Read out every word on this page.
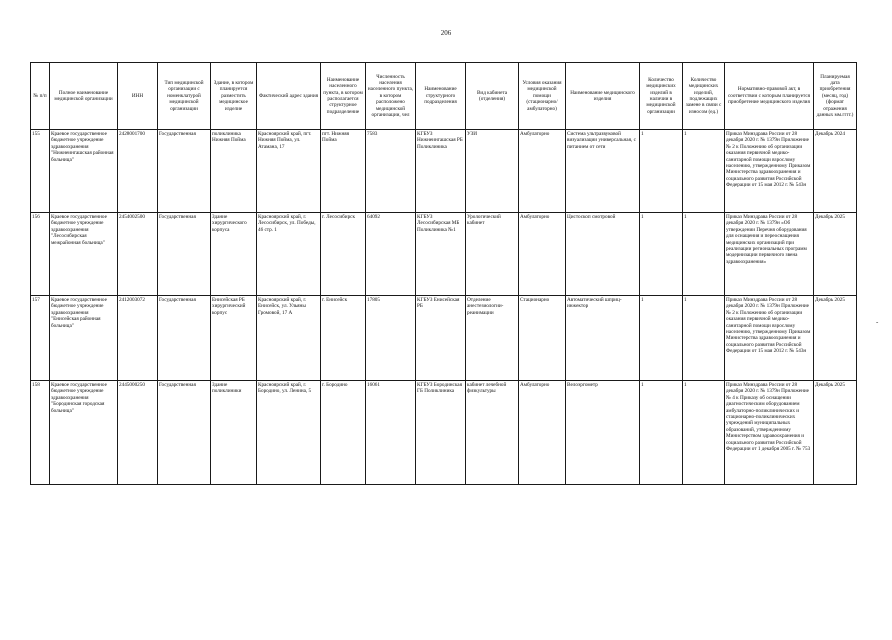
206
-
№ п/п	Полное наименование медицинской организации	ИНН	Тип медицинской организации с номенклатурой медицинской организации	Здание, в котором планируется разместить медицинское изделие	Фактический адрес здания	Наименование населенного пункта, в котором располагается структурное подразделение	Численность населения населенного пункта, в котором расположено медицинской организации, чел	Наименование структурного подразделения	Вид кабинета (отделения)	Условия оказания медицинской помощи (стационарно/амбулаторно)	Наименование медицинского изделия	Количество медицинских изделий в наличии в медицинской организации	Количество медицинских изделий, подлежащих замене в связи с износом (ед.)	Нормативно-правовой акт, в соответствии с которым планируется приобретение медицинского изделия	Планируемая дата приобретения (месяц, год) (формат отражения данных мм.гггг.)
155	Краевое государственное бюджетное учреждение здравоохранения "Нижнеингашская районная больница"	2428001700	Государственная	поликлиника Нижняя Пойма	Красноярский край, пгт. Нижняя Пойма, ул. Атамана, 17	пгт. Нижняя Пойма	7583	КГБУЗ Нижнеингашская РБ Поликлиника	УЗИ	Амбулаторно	Система ультразвуковой визуализации универсальная, с питанием от сети	1	1	Приказ Минздрава России от 28 декабря 2020 г. № 1379н Приложение № 2 к Положению об организации оказания первичной медико-санитарной помощи взрослому населению, утвержденному Приказом Министерства здравоохранения и социального развития Российской Федерации от 15 мая 2012 г. № 543н	Декабрь 2024
156	Краевое государственное бюджетное учреждение здравоохранения "Лесосибирская межрайонная больница"	2454002500	Государственная	Здание хирургического корпуса	Красноярский край, г. Лесосибирск, ул. Победы, 46 стр. 1	г. Лесосибирск	64092	КГБУЗ Лесосибирская МБ Поликлиника №1	Урологический кабинет	Амбулаторно	Цистоскоп смотровой	1	1	Приказ Минздрава России от 28 декабря 2020 г. № 1379н «Об утверждении Перечня оборудования для оснащения и переоснащения медицинских организаций при реализации региональных программ модернизации первичного звена здравоохранения»	Декабрь 2025
157	Краевое государственное бюджетное учреждение здравоохранения "Енисейская районная больница"	2412003072	Государственная	Енисейская РБ хирургический корпус	Красноярский край, г. Енисейск, ул. Ульяны Громовой, 17 А	г. Енисейск	17805	КГБУЗ Енисейская РБ	Отделение анестезиологии-реанимации	Стационарно	Автоматический шприц-инжектор	1	1	Приказ Минздрава России от 28 декабря 2020 г. № 1379н Приложение № 2 к Положению об организации оказания первичной медико-санитарной помощи взрослому населению, утвержденному Приказом Министерства здравоохранения и социального развития Российской Федерации от 15 мая 2012 г. № 543н	Декабрь 2025
158	Краевое государственное бюджетное учреждение здравоохранения "Бородинская городская больница"	2445000250	Государственная	Здание поликлиники	Красноярский край, г. Бородино, ул. Ленина, 5	г. Бородино	16061	КГБУЗ Бородинская ГБ Поликлиника	кабинет лечебной физкультуры	Амбулаторно	Велоэргометр	1	1	Приказ Минздрава России от 28 декабря 2020 г. № 1379н Приложение № 4 к Приказу об оснащении диагностическим оборудованием амбулаторно-поликлинических и стационарно-поликлинических учреждений муниципальных образований, утвержденному Министерством здравоохранения и социального развития Российской Федерации от 1 декабря 2005 г. № 753	Декабрь 2025
